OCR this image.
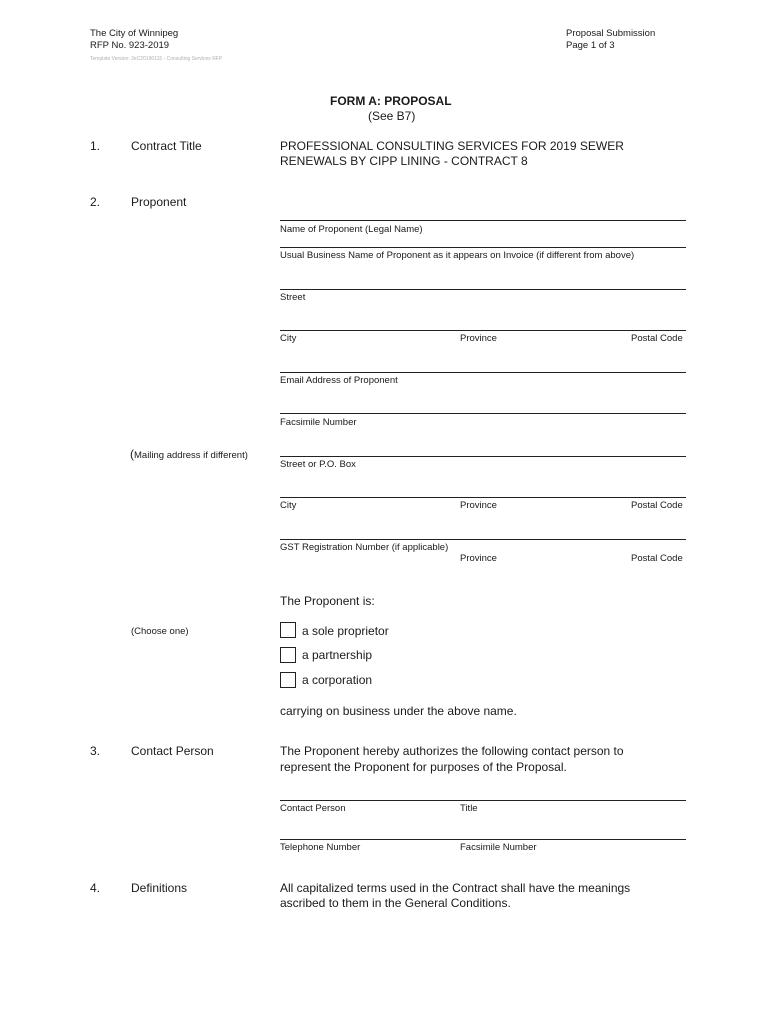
The City of Winnipeg
RFP No. 923-2019
Template Version: 2eC20190115 - Consulting Services RFP
Proposal Submission
Page 1 of 3
FORM A: PROPOSAL
(See B7)
1.	Contract Title	PROFESSIONAL CONSULTING SERVICES FOR 2019 SEWER
RENEWALS BY CIPP LINING - CONTRACT 8
2.	Proponent
Name of Proponent (Legal Name)
Usual Business Name of Proponent as it appears on Invoice (if different from above)
Street
City	Province	Postal Code
Email Address of Proponent
Facsimile Number
(Mailing address if different)
Street or P.O. Box
City	Province	Postal Code
GST Registration Number (if applicable)
Province	Postal Code
The Proponent is:
(Choose one)	a sole proprietor
a partnership
a corporation
carrying on business under the above name.
3.	Contact Person	The Proponent hereby authorizes the following contact person to
represent the Proponent for purposes of the Proposal.
Contact Person	Title
Telephone Number	Facsimile Number
4.	Definitions	All capitalized terms used in the Contract shall have the meanings
ascribed to them in the General Conditions.
